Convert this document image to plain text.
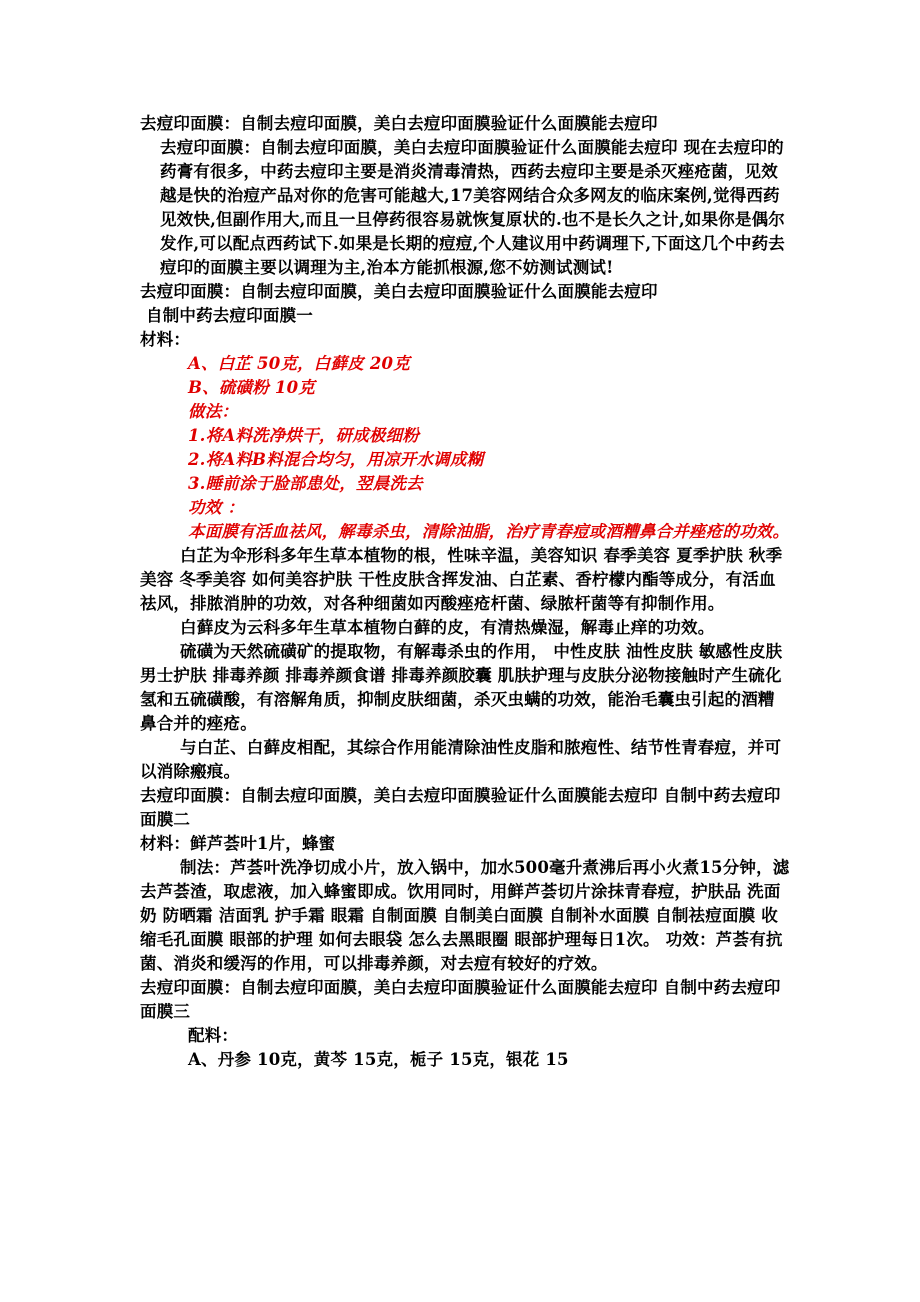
去痘印面膜：自制去痘印面膜，美白去痘印面膜验证什么面膜能去痘印

去痘印面膜：自制去痘印面膜，美白去痘印面膜验证什么面膜能去痘印 现在去痘印的药膏有很多，中药去痘印主要是消炎清毒清热，西药去痘印主要是杀灭痤疮菌，见效越是快的治痘产品对你的危害可能越大,17美容网结合众多网友的临床案例,觉得西药见效快,但副作用大,而且一旦停药很容易就恢复原状的.也不是长久之计,如果你是偶尔发作,可以配点西药试下.如果是长期的痘痘,个人建议用中药调理下,下面这几个中药去痘印的面膜主要以调理为主,治本方能抓根源,您不妨测试测试!

去痘印面膜：自制去痘印面膜，美白去痘印面膜验证什么面膜能去痘印

自制中药去痘印面膜一

材料：

A、白芷 50克，白藓皮 20克

B、硫磺粉 10克

做法：

1.将A料洗净烘干，研成极细粉

2.将A料B料混合均匀，用凉开水调成糊

3.睡前涂于脸部患处，翌晨洗去

功效 ：

本面膜有活血祛风，解毒杀虫，清除油脂，治疗青春痘或酒糟鼻合并痤疮的功效。

白芷为伞形科多年生草本植物的根，性味辛温，美容知识 春季美容 夏季护肤 秋季美容 冬季美容 如何美容护肤 干性皮肤含挥发油、白芷素、香柠檬内酯等成分，有活血祛风，排脓消肿的功效，对各种细菌如丙酸痤疮杆菌、绿脓杆菌等有抑制作用。

白藓皮为云科多年生草本植物白藓的皮，有清热燥湿，解毒止痒的功效。

硫磺为天然硫磺矿的提取物，有解毒杀虫的作用， 中性皮肤 油性皮肤 敏感性皮肤 男士护肤 排毒养颜 排毒养颜食谱 排毒养颜胶囊 肌肤护理与皮肤分泌物接触时产生硫化氢和五硫磺酸，有溶解角质，抑制皮肤细菌，杀灭虫螨的功效，能治毛囊虫引起的酒糟鼻合并的痤疮。

与白芷、白藓皮相配，其综合作用能清除油性皮脂和脓疱性、结节性青春痘，并可以消除瘢痕。

去痘印面膜：自制去痘印面膜，美白去痘印面膜验证什么面膜能去痘印 自制中药去痘印面膜二

材料：鲜芦荟叶1片，蜂蜜

制法：芦荟叶洗净切成小片，放入锅中，加水500毫升煮沸后再小火煮15分钟，滤去芦荟渣，取虑液，加入蜂蜜即成。饮用同时，用鲜芦荟切片涂抹青春痘，护肤品 洗面奶 防晒霜 洁面乳 护手霜 眼霜 自制面膜 自制美白面膜 自制补水面膜 自制祛痘面膜 收缩毛孔面膜 眼部的护理 如何去眼袋 怎么去黑眼圈 眼部护理每日1次。 功效：芦荟有抗菌、消炎和缓泻的作用，可以排毒养颜，对去痘有较好的疗效。

去痘印面膜：自制去痘印面膜，美白去痘印面膜验证什么面膜能去痘印 自制中药去痘印面膜三

配料：

A、丹参 10克，黄芩 15克，栀子 15克，银花 15
